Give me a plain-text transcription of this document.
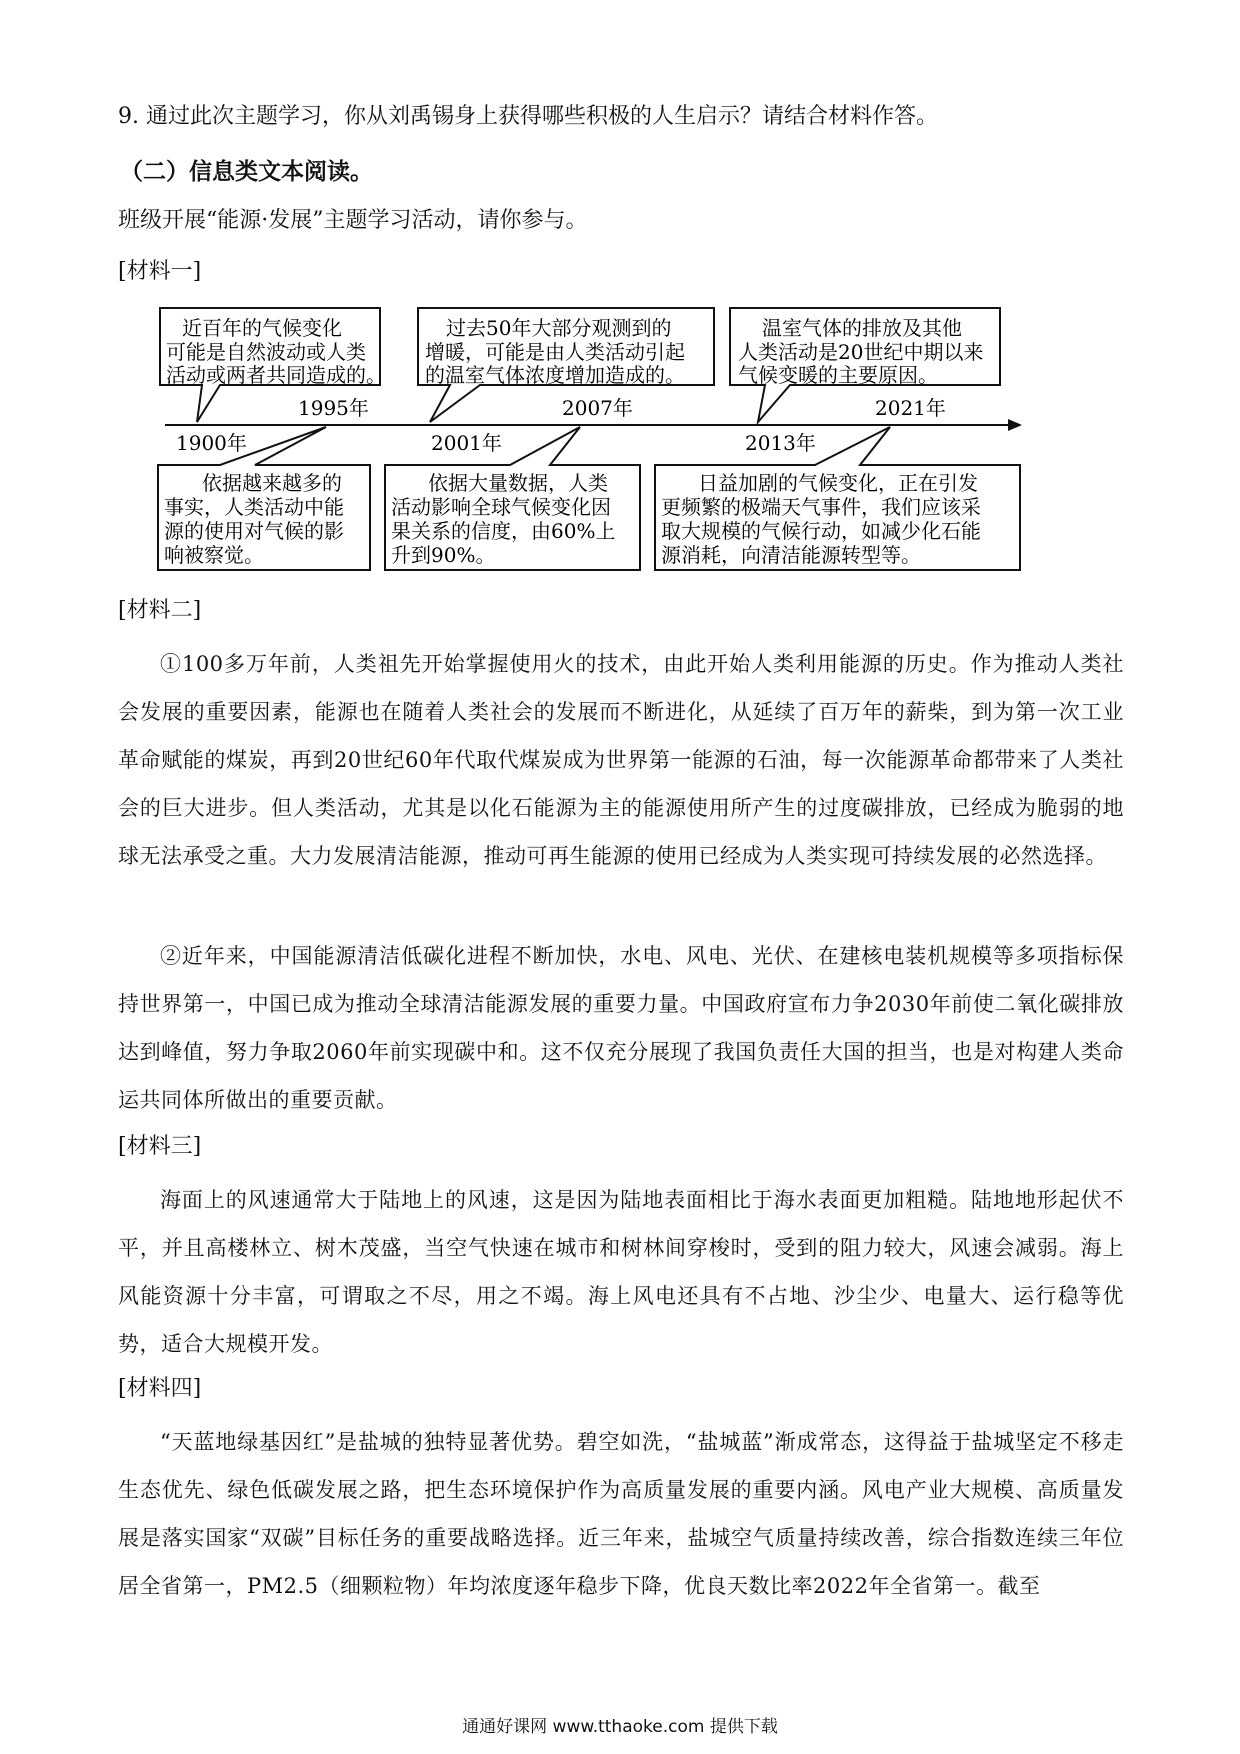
9. 通过此次主题学习，你从刘禹锡身上获得哪些积极的人生启示？请结合材料作答。
（二）信息类文本阅读。
班级开展“能源·发展”主题学习活动，请你参与。
[材料一]
近百年的气候变化
可能是自然波动或人类
活动或两者共同造成的。
过去50年大部分观测到的
增暖，可能是由人类活动引起
的温室气体浓度增加造成的。
温室气体的排放及其他
人类活动是20世纪中期以来
气候变暖的主要原因。
1995年	2007年	2021年
1900年	2001年	2013年
依据越来越多的
事实，人类活动中能
源的使用对气候的影
响被察觉。
依据大量数据，人类
活动影响全球气候变化因
果关系的信度，由60%上
升到90%。
日益加剧的气候变化，正在引发
更频繁的极端天气事件，我们应该采
取大规模的气候行动，如减少化石能
源消耗，向清洁能源转型等。
[材料二]
①100多万年前，人类祖先开始掌握使用火的技术，由此开始人类利用能源的历史。作为推动人类社会发展的重要因素，能源也在随着人类社会的发展而不断进化，从延续了百万年的薪柴，到为第一次工业革命赋能的煤炭，再到20世纪60年代取代煤炭成为世界第一能源的石油，每一次能源革命都带来了人类社会的巨大进步。但人类活动，尤其是以化石能源为主的能源使用所产生的过度碳排放，已经成为脆弱的地球无法承受之重。大力发展清洁能源，推动可再生能源的使用已经成为人类实现可持续发展的必然选择。
②近年来，中国能源清洁低碳化进程不断加快，水电、风电、光伏、在建核电装机规模等多项指标保持世界第一，中国已成为推动全球清洁能源发展的重要力量。中国政府宣布力争2030年前使二氧化碳排放达到峰值，努力争取2060年前实现碳中和。这不仅充分展现了我国负责任大国的担当，也是对构建人类命运共同体所做出的重要贡献。
[材料三]
海面上的风速通常大于陆地上的风速，这是因为陆地表面相比于海水表面更加粗糙。陆地地形起伏不平，并且高楼林立、树木茂盛，当空气快速在城市和树林间穿梭时，受到的阻力较大，风速会减弱。海上风能资源十分丰富，可谓取之不尽，用之不竭。海上风电还具有不占地、沙尘少、电量大、运行稳等优势，适合大规模开发。
[材料四]
“天蓝地绿基因红”是盐城的独特显著优势。碧空如洗，“盐城蓝”渐成常态，这得益于盐城坚定不移走生态优先、绿色低碳发展之路，把生态环境保护作为高质量发展的重要内涵。风电产业大规模、高质量发展是落实国家“双碳”目标任务的重要战略选择。近三年来，盐城空气质量持续改善，综合指数连续三年位居全省第一，PM2.5（细颗粒物）年均浓度逐年稳步下降，优良天数比率2022年全省第一。截至
通通好课网 www.tthaoke.com 提供下载
